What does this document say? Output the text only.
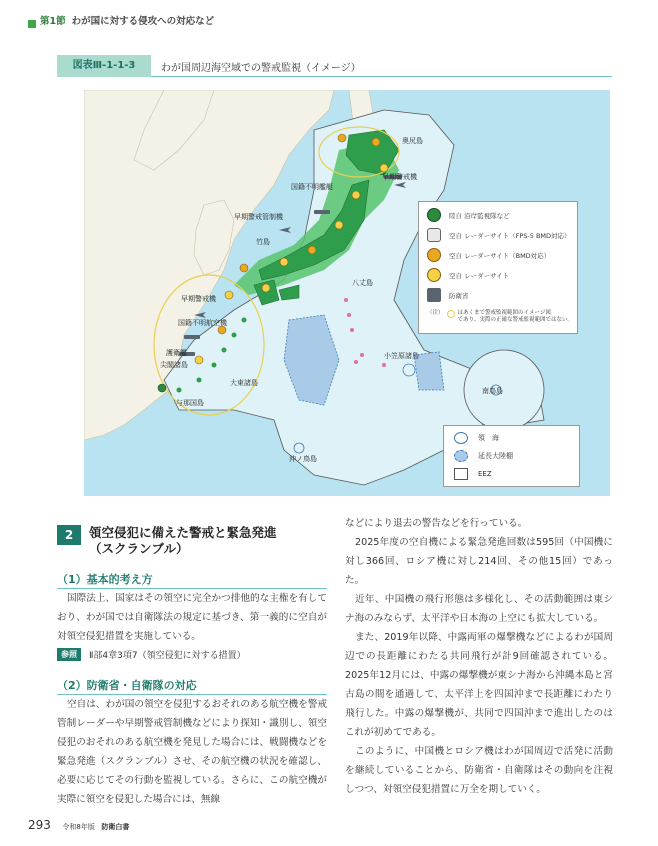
第1節 わが国に対する侵攻への対応など
図表Ⅲ-1-1-3	わが国周辺海空域での警戒監視（イメージ）
奥尻島
早期警戒機
国籍不明艦艇
早期警戒管制機
竹島
早期警戒機
国籍不明航空機
護衛艦
尖閣諸島
与那国島
大東諸島
八丈島
小笠原諸島
南鳥島
沖ノ鳥島
陸自 沿岸監視隊など
空自 レーダーサイト（FPS-5 BMD対応）
空自 レーダーサイト（BMD対応）
空自 レーダーサイト
防衛省
（注）	はあくまで警戒監視範囲のイメージ図
であり、実際の正確な警戒監視範囲ではない。
領　海
延長大陸棚
EEZ
2	領空侵犯に備えた警戒と緊急発進
（スクランブル）
（1）基本的考え方
国際法上、国家はその領空に完全かつ排他的な主権を有しており、わが国では自衛隊法の規定に基づき、第一義的に空自が対領空侵犯措置を実施している。
参照	Ⅱ部4章3項7（領空侵犯に対する措置）
（2）防衛省・自衛隊の対応
空自は、わが国の領空を侵犯するおそれのある航空機を警戒管制レーダーや早期警戒管制機などにより探知・識別し、領空侵犯のおそれのある航空機を発見した場合には、戦闘機などを緊急発進（スクランブル）させ、その航空機の状況を確認し、必要に応じてその行動を監視している。さらに、この航空機が実際に領空を侵犯した場合には、無線
などにより退去の警告などを行っている。
2025年度の空自機による緊急発進回数は595回（中国機に対し366回、ロシア機に対し214回、その他15回）であった。
近年、中国機の飛行形態は多様化し、その活動範囲は東シナ海のみならず、太平洋や日本海の上空にも拡大している。
また、2019年以降、中露両軍の爆撃機などによるわが国周辺での長距離にわたる共同飛行が計9回確認されている。2025年12月には、中露の爆撃機が東シナ海から沖縄本島と宮古島の間を通過して、太平洋上を四国沖まで長距離にわたり飛行した。中露の爆撃機が、共同で四国沖まで進出したのはこれが初めてである。
このように、中国機とロシア機はわが国周辺で活発に活動を継続していることから、防衛省・自衛隊はその動向を注視しつつ、対領空侵犯措置に万全を期していく。
293 令和8年版 防衛白書
